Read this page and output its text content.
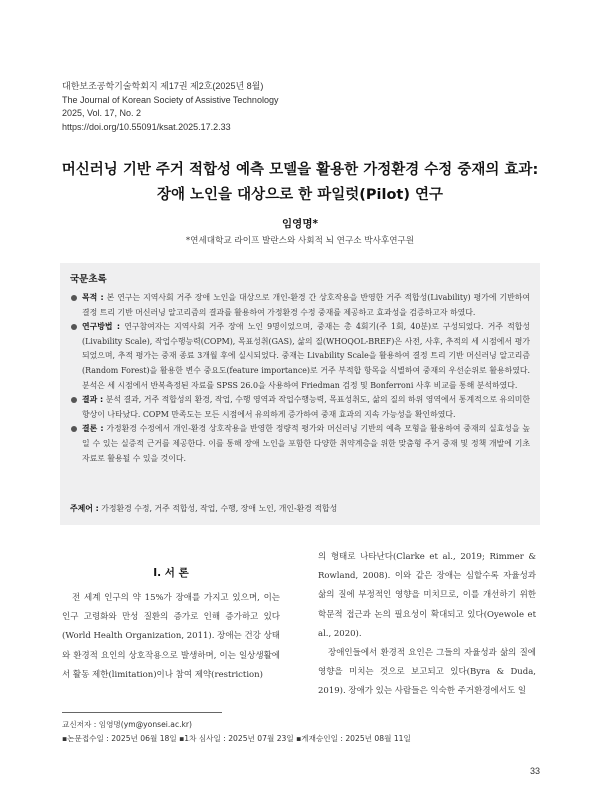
대한보조공학기술학회지 제17권 제2호(2025년 8월)
The Journal of Korean Society of Assistive Technology
2025, Vol. 17, No. 2
https://doi.org/10.55091/ksat.2025.17.2.33
머신러닝 기반 주거 적합성 예측 모델을 활용한 가정환경 수정 중재의 효과:
장애 노인을 대상으로 한 파일럿(Pilot) 연구
임영명*
*연세대학교 라이프 발란스와 사회적 뇌 연구소 박사후연구원
국문초록

목적 : 본 연구는 지역사회 거주 장애 노인을 대상으로 개인-환경 간 상호작용을 반영한 거주 적합성(Livability) 평가에 기반하여 결정 트리 기반 머신러닝 알고리즘의 결과를 활용하여 가정환경 수정 중재를 제공하고 효과성을 검증하고자 하였다.

연구방법 : 연구참여자는 지역사회 거주 장애 노인 9명이었으며, 중재는 총 4회기(주 1회, 40분)로 구성되었다. 거주 적합성(Livability Scale), 작업수행능력(COPM), 목표성취(GAS), 삶의 질(WHOQOL-BREF)은 사전, 사후, 추적의 세 시점에서 평가되었으며, 추적 평가는 중재 종료 3개월 후에 실시되었다. 중재는 Livability Scale을 활용하여 결정 트리 기반 머신러닝 알고리즘(Random Forest)을 활용한 변수 중요도(feature importance)로 거주 부적합 항목을 식별하여 중재의 우선순위로 활용하였다. 분석은 세 시점에서 반복측정된 자료를 SPSS 26.0을 사용하여 Friedman 검정 및 Bonferroni 사후 비교를 통해 분석하였다.

결과 : 분석 결과, 거주 적합성의 환경, 작업, 수행 영역과 작업수행능력, 목표성취도, 삶의 질의 하위 영역에서 통계적으로 유의미한 향상이 나타났다. COPM 만족도는 모든 시점에서 유의하게 증가하여 중재 효과의 지속 가능성을 확인하였다.

결론 : 가정환경 수정에서 개인-환경 상호작용을 반영한 정량적 평가와 머신러닝 기반의 예측 모형을 활용하여 중재의 실효성을 높일 수 있는 실증적 근거를 제공한다. 이를 통해 장애 노인을 포함한 다양한 취약계층을 위한 맞춤형 주거 중재 및 정책 개발에 기초자료로 활용될 수 있을 것이다.

주제어 : 가정환경 수정, 거주 적합성, 작업, 수행, 장애 노인, 개인-환경 적합성
Ⅰ. 서 론

전 세계 인구의 약 15%가 장애를 가지고 있으며, 이는 인구 고령화와 만성 질환의 증가로 인해 증가하고 있다(World Health Organization, 2011). 장애는 건강 상태와 환경적 요인의 상호작용으로 발생하며, 이는 일상생활에서 활동 제한(limitation)이나 참여 제약(restriction)

의 형태로 나타난다(Clarke et al., 2019; Rimmer & Rowland, 2008). 이와 같은 장애는 심할수록 자율성과 삶의 질에 부정적인 영향을 미치므로, 이를 개선하기 위한 학문적 접근과 논의 필요성이 확대되고 있다(Oyewole et al., 2020).

장애인들에서 환경적 요인은 그들의 자율성과 삶의 질에 영향을 미치는 것으로 보고되고 있다(Byra & Duda, 2019). 장애가 있는 사람들은 익숙한 주거환경에서도 일

교신저자 : 임영명(ym@yonsei.ac.kr)
▪논문접수일 : 2025년 06월 18일 ▪1차 심사일 : 2025년 07월 23일 ▪게재승인일 : 2025년 08월 11일
33
